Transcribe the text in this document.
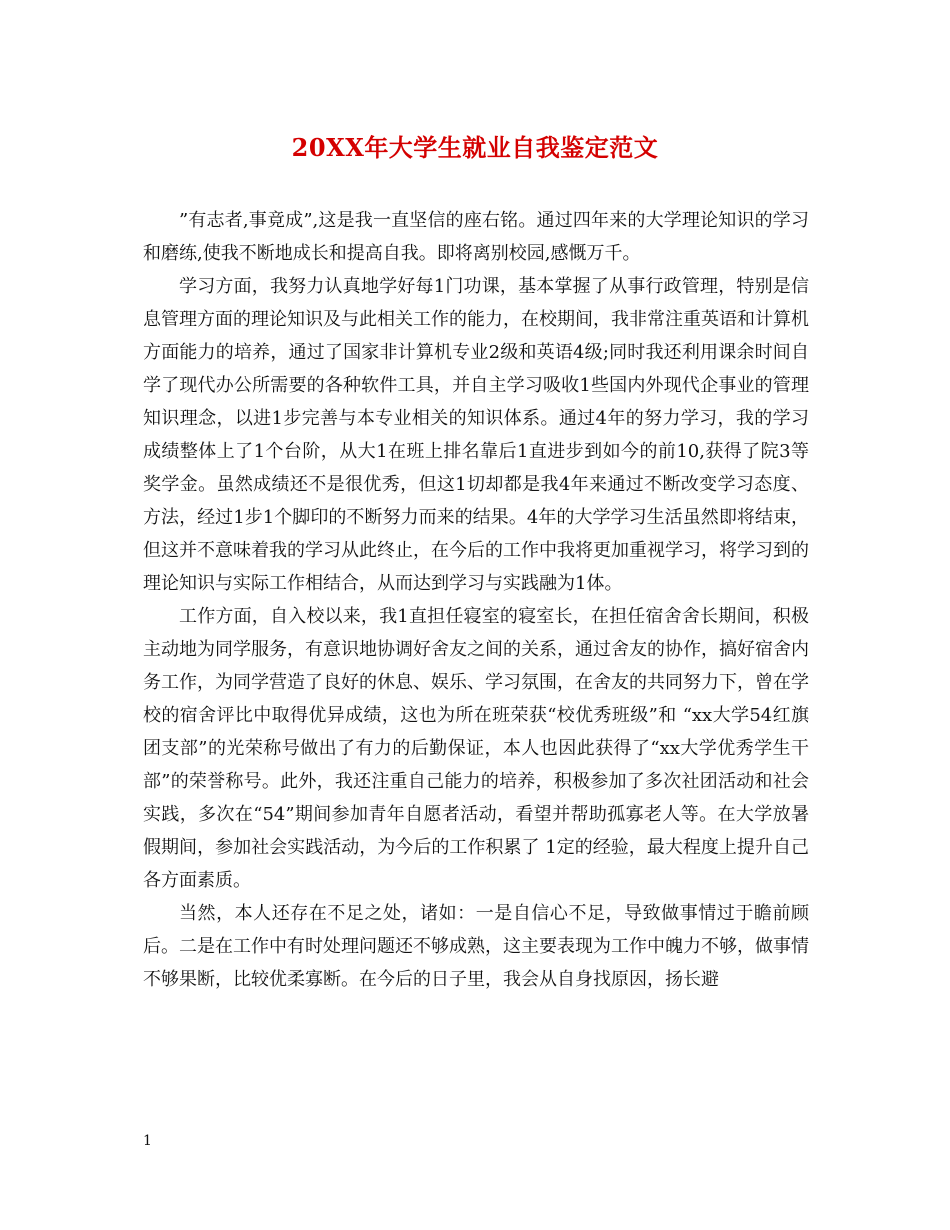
20XX年大学生就业自我鉴定范文

”有志者,事竟成”,这是我一直坚信的座右铭。通过四年来的大学理论知识的学习和磨练,使我不断地成长和提高自我。即将离别校园,感慨万千。

学习方面，我努力认真地学好每1门功课，基本掌握了从事行政管理，特别是信息管理方面的理论知识及与此相关工作的能力，在校期间，我非常注重英语和计算机方面能力的培养，通过了国家非计算机专业2级和英语4级;同时我还利用课余时间自学了现代办公所需要的各种软件工具，并自主学习吸收1些国内外现代企事业的管理知识理念，以进1步完善与本专业相关的知识体系。通过4年的努力学习，我的学习成绩整体上了1个台阶，从大1在班上排名靠后1直进步到如今的前10,获得了院3等奖学金。虽然成绩还不是很优秀，但这1切却都是我4年来通过不断改变学习态度、方法，经过1步1个脚印的不断努力而来的结果。4年的大学学习生活虽然即将结束，但这并不意味着我的学习从此终止，在今后的工作中我将更加重视学习，将学习到的理论知识与实际工作相结合，从而达到学习与实践融为1体。

工作方面，自入校以来，我1直担任寝室的寝室长，在担任宿舍舍长期间，积极主动地为同学服务，有意识地协调好舍友之间的关系，通过舍友的协作，搞好宿舍内务工作，为同学营造了良好的休息、娱乐、学习氛围，在舍友的共同努力下，曾在学校的宿舍评比中取得优异成绩，这也为所在班荣获“校优秀班级”和 “xx大学54红旗团支部”的光荣称号做出了有力的后勤保证，本人也因此获得了“xx大学优秀学生干部”的荣誉称号。此外，我还注重自己能力的培养，积极参加了多次社团活动和社会实践，多次在“54”期间参加青年自愿者活动，看望并帮助孤寡老人等。在大学放暑假期间，参加社会实践活动，为今后的工作积累了 1定的经验，最大程度上提升自己各方面素质。

当然，本人还存在不足之处，诸如：一是自信心不足，导致做事情过于瞻前顾后。二是在工作中有时处理问题还不够成熟，这主要表现为工作中魄力不够，做事情不够果断，比较优柔寡断。在今后的日子里，我会从自身找原因，扬长避

1
